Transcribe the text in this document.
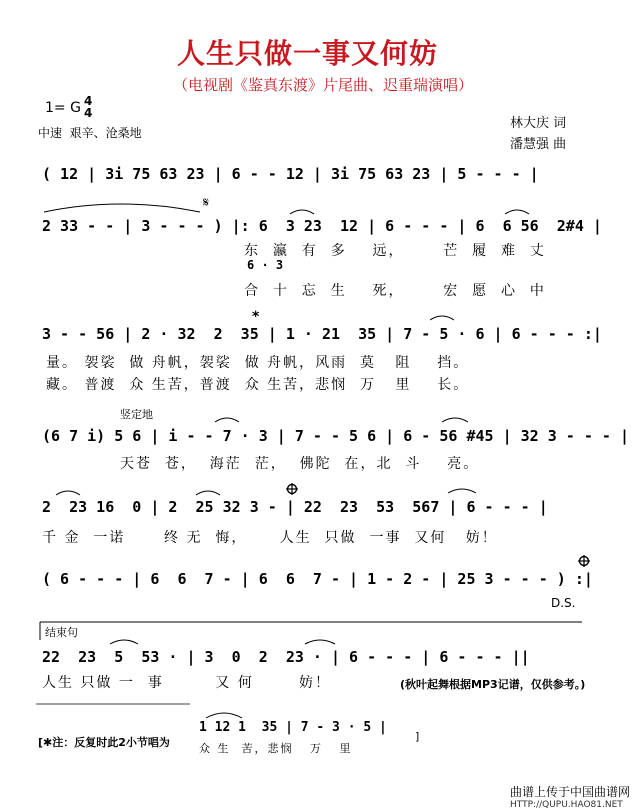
人生只做一事又何妨
（电视剧《鉴真东渡》片尾曲、迟重瑞演唱）
1= G 4
4
中速  艰辛、沧桑地
林大庆 词
潘慧强 曲
( 12 | 3i 75 63 23 | 6 - - 12 | 3i 75 63 23 | 5 - - - |
2 33 - - | 3 - - - ) |: 6  3 23  12 | 6 - - - | 6  6 56  2#4 |
东  瀛  有  多    远，      芒  履  难  丈
6 · 3
合  十  忘  生    死，      宏  愿  心  中
3 - - 56 | 2 · 32  2  35 | 1 · 21  35 | 7 - 5 · 6 | 6 - - - :|
量。 袈裟  做 舟帆，袈裟  做 舟帆，风雨  莫   阻    挡。
藏。 普渡  众 生苦，普渡  众 生苦，悲悯  万   里    长。
竖定地
(6 7 i) 5 6 | i - - 7 · 3 | 7 - - 5 6 | 6 - 56 #45 | 32 3 - - - |
天苍  苍，  海茫  茫，  佛陀  在，北  斗    亮。
2  23 16  0 | 2  25 32 3 - | 22  23  53  567 | 6 - - - |
千 金  一诺      终 无  悔，     人生  只做  一事  又何   妨！
( 6 - - - | 6  6  7 - | 6  6  7 - | 1 - 2 - | 25 3 - - - ) :|
D.S.
结束句
22  23  5  53 · | 3  0  2  23 · | 6 - - - | 6 - - - ||
人生 只做 一  事        又 何       妨！	(秋叶起舞根据MP3记谱，仅供参考。)
[✱注：反复时此2小节唱为
1 12 1  35 | 7 - 3 · 5 |
众 生  苦，悲悯   万   里
]
曲谱上传于中国曲谱网
HTTP://QUPU.HAO81.NET
𝄋
*
